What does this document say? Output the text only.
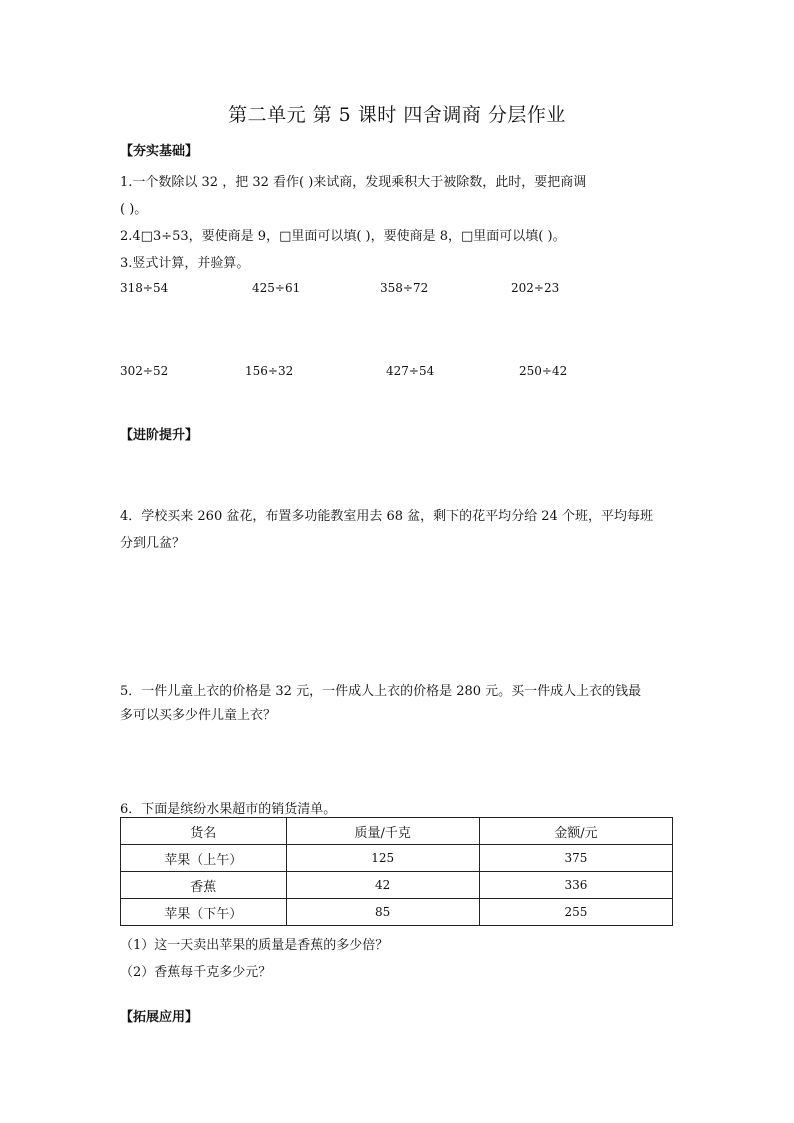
第二单元 第 5 课时 四舍调商 分层作业
【夯实基础】
1.一个数除以 32 ，把 32 看作( )来试商，发现乘积大于被除数，此时，要把商调
( )。
2.4□3÷53，要使商是 9，□里面可以填( )，要使商是 8，□里面可以填( )。
3.竖式计算，并验算。
318÷54	425÷61	358÷72	202÷23
302÷52	156÷32	427÷54	250÷42
【进阶提升】
4．学校买来 260 盆花，布置多功能教室用去 68 盆，剩下的花平均分给 24 个班，平均每班
分到几盆？
5．一件儿童上衣的价格是 32 元，一件成人上衣的价格是 280 元。买一件成人上衣的钱最
多可以买多少件儿童上衣？
6．下面是缤纷水果超市的销货清单。
货名	质量/千克	金额/元
苹果（上午）	125	375
香蕉	42	336
苹果（下午）	85	255
（1）这一天卖出苹果的质量是香蕉的多少倍？
（2）香蕉每千克多少元？
【拓展应用】
